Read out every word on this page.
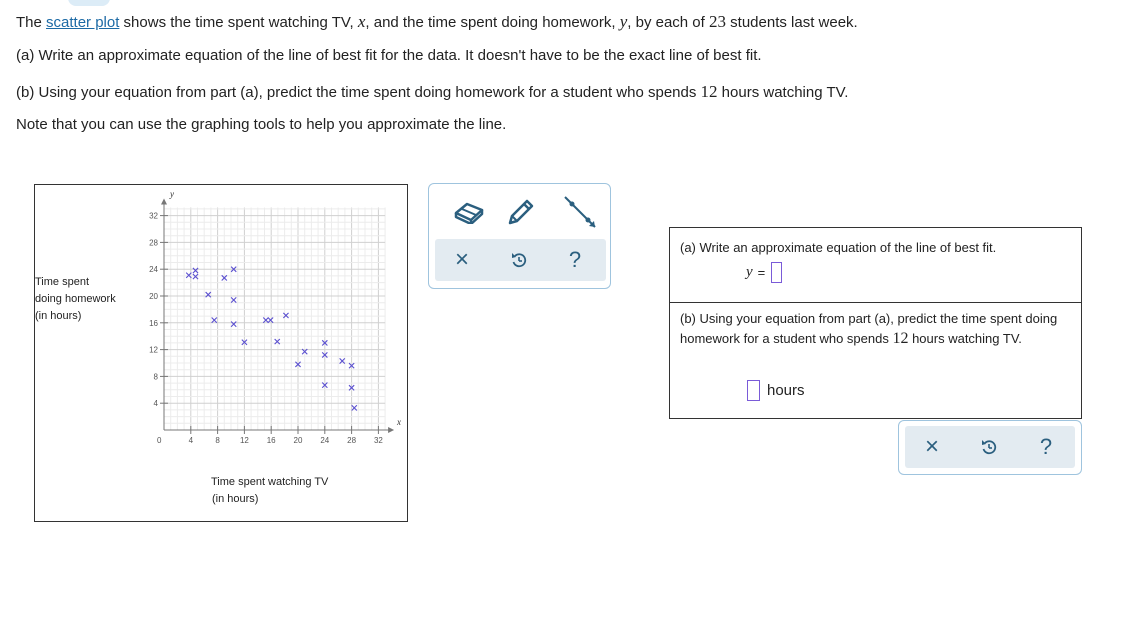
The scatter plot shows the time spent watching TV, x, and the time spent doing homework, y, by each of 23 students last week.

(a) Write an approximate equation of the line of best fit for the data. It doesn't have to be the exact line of best fit.

(b) Using your equation from part (a), predict the time spent doing homework for a student who spends 12 hours watching TV.

Note that you can use the graphing tools to help you approximate the line.

4	8	12 16 20 24 28 32
4
8
12
16
20
24
28
32
y
x
0
Time spent
doing homework
(in hours)
Time spent watching TV
(in hours)
×	?	(a) Write an approximate equation of the line of best fit.
y =
(b) Using your equation from part (a), predict the time spent doing homework for a student who spends 12 hours watching TV.
hours
×	?
